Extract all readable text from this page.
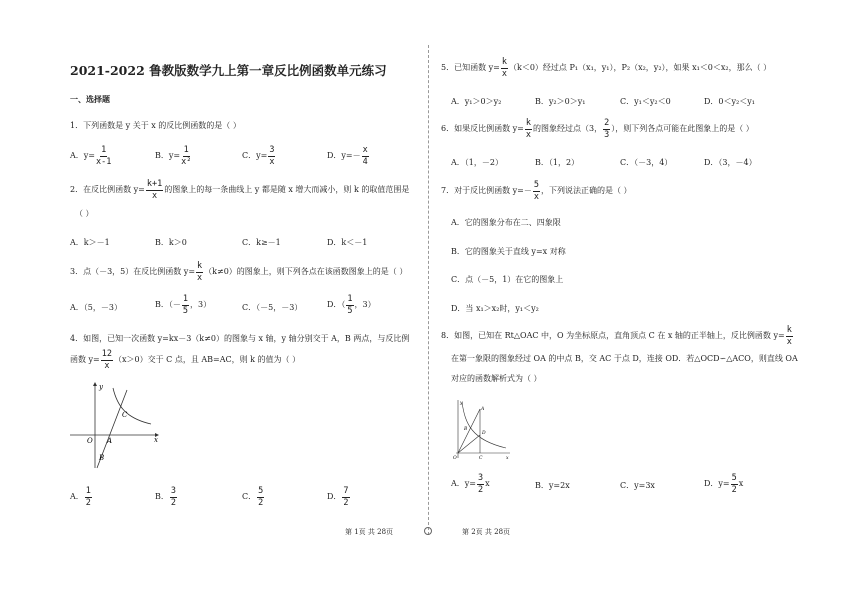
2021-2022 鲁教版数学九上第一章反比例函数单元练习
一、选择题
1．下列函数是 y 关于 x 的反比例函数的是（ ）
A．$y= \frac{1}{x-1}$	B．$y= \frac{1}{\text{x²}}$	C．$y= \frac{3}{x}$	D．$y=- \frac{x}{4}$
2．在反比例函数 $y= \frac{k+1}{x}$ 的图象上的每一条曲线上 y 都是随 x 增大而减小，则 k 的取值范围是
（ ）
A．k＞－1	B．k＞0	C．k≥－1	D．k＜－1
3．点（－3，5）在反比例函数 $y= \frac{k}{x} (k\ne 0)$的图象上，则下列各点在该函数图象上的是（ ）
A．（5，－3）	B．（－ $\frac{1}{5}$ ，3）	C．（－5，－3）	D．（ $\frac{1}{5}$ ，3）
4．如图，已知一次函数 y=kx－3（k≠0）的图象与 x 轴，y 轴分别交于 A，B 两点，与反比例
函数 $y= \frac{12}{x} (x>0)$交于 C 点，且 AB=AC，则 k 的值为（ ）
y
x
O A
B
C
A． $\frac{1}{2}$	B． $\frac{3}{2}$	C． $\frac{5}{2}$	D． $\frac{7}{2}$
5．已知函数 $y= \frac{k}{x} (k<0)$经过点 P₁（x₁，y₁），P₂（x₂，y₂），如果 x₁＜0＜x₂，那么（ ）
A．y₁＞0＞y₂	B．y₂＞0＞y₁	C．y₁＜y₂＜0	D．0＜y₂＜y₁
6．如果反比例函数 $y= \frac{k}{x}$ 的图象经过点（3， $\frac{2}{3}$ ），则下列各点可能在此图象上的是（ ）
A．（1，－2）	B．（1，2）	C．（－3，4）	D．（3，－4）
7．对于反比例函数 $y=- \frac{5}{x}$ ，下列说法正确的是（ ）
A．它的图象分布在二、四象限
B．它的图象关于直线 y=x 对称
C．点（－5，1）在它的图象上
D．当 x₁＞x₂时，y₁＜y₂
8．如图，已知在 Rt△OAC 中，O 为坐标原点，直角顶点 C 在 x 轴的正半轴上，反比例函数 $y= \frac{k}{x}$
在第一象限的图象经过 OA 的中点 B，交 AC 于点 D，连接 OD．若△OCD∽△ACO，则直线 OA
对应的函数解析式为（ ）
y
x
O
A
B
C
D
A．$y= \frac{3}{2}$ x	B．y=2x	C．y=3x	D．$y= \frac{5}{2}$ x
第 1页 共 28页	第 2页 共 28页
